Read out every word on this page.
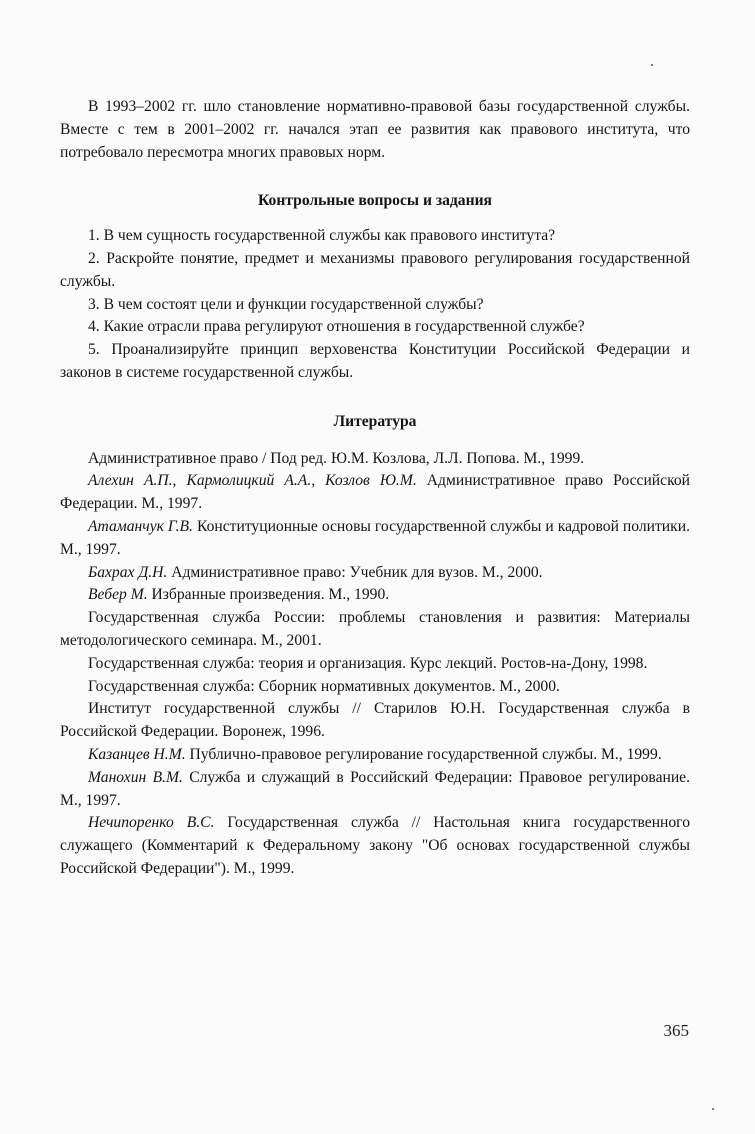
В 1993–2002 гг. шло становление нормативно-правовой базы государственной службы. Вместе с тем в 2001–2002 гг. начался этап ее развития как правового института, что потребовало пересмотра многих правовых норм.

Контрольные вопросы и задания

1. В чем сущность государственной службы как правового института?

2. Раскройте понятие, предмет и механизмы правового регулирования государственной службы.

3. В чем состоят цели и функции государственной службы?

4. Какие отрасли права регулируют отношения в государственной службе?

5. Проанализируйте принцип верховенства Конституции Российской Федерации и законов в системе государственной службы.

Литература

Административное право / Под ред. Ю.М. Козлова, Л.Л. Попова. М., 1999.

Алехин А.П., Кармолицкий А.А., Козлов Ю.М. Административное право Российской Федерации. М., 1997.

Атаманчук Г.В. Конституционные основы государственной службы и кадровой политики. М., 1997.

Бахрах Д.Н. Административное право: Учебник для вузов. М., 2000.

Вебер М. Избранные произведения. М., 1990.

Государственная служба России: проблемы становления и развития: Материалы методологического семинара. М., 2001.

Государственная служба: теория и организация. Курс лекций. Ростов-на-Дону, 1998.

Государственная служба: Сборник нормативных документов. М., 2000.

Институт государственной службы // Старилов Ю.Н. Государственная служба в Российской Федерации. Воронеж, 1996.

Казанцев Н.М. Публично-правовое регулирование государственной службы. М., 1999.

Манохин В.М. Служба и служащий в Российский Федерации: Правовое регулирование. М., 1997.

Нечипоренко В.С. Государственная служба // Настольная книга государственного служащего (Комментарий к Федеральному закону "Об основах государственной службы Российской Федерации"). М., 1999.

365
